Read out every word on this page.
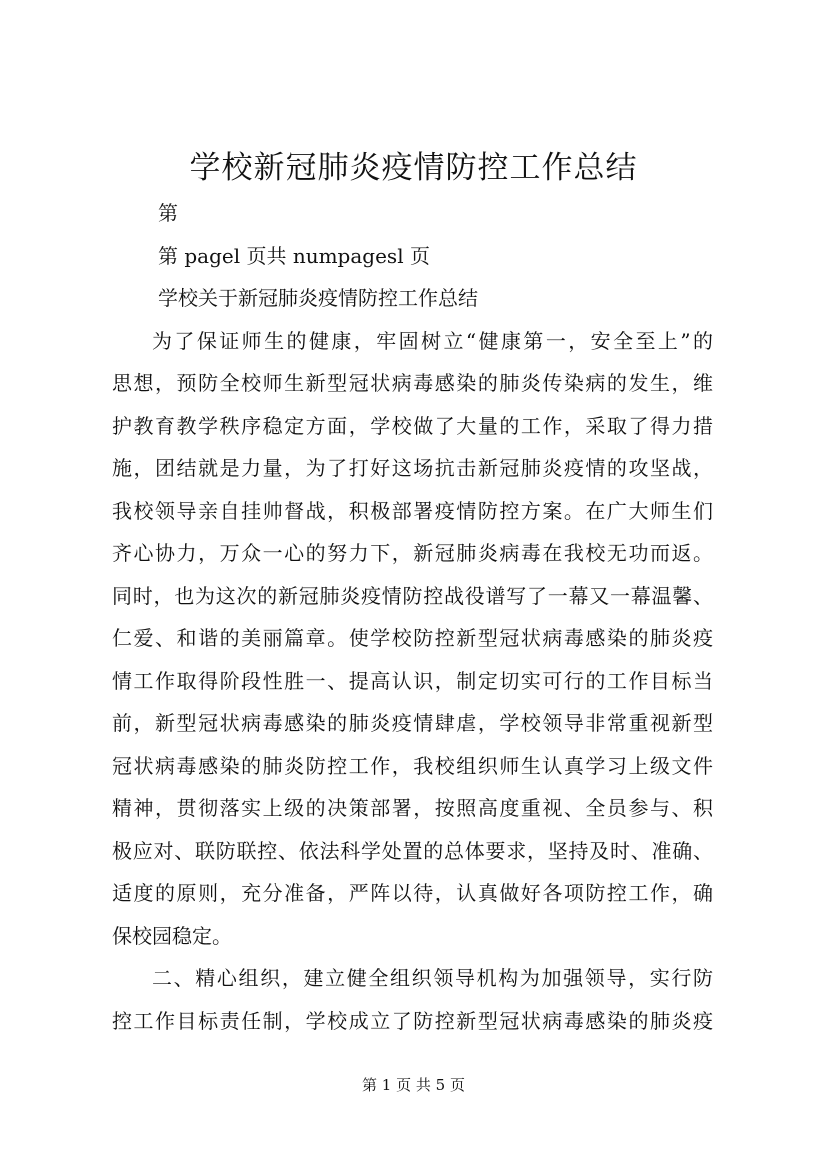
学校新冠肺炎疫情防控工作总结
第
第 pagel 页共 numpagesl 页
学校关于新冠肺炎疫情防控工作总结
为了保证师生的健康，牢固树立“健康第一，安全至上”的
思想，预防全校师生新型冠状病毒感染的肺炎传染病的发生，维
护教育教学秩序稳定方面，学校做了大量的工作，采取了得力措
施，团结就是力量，为了打好这场抗击新冠肺炎疫情的攻坚战，
我校领导亲自挂帅督战，积极部署疫情防控方案。在广大师生们
齐心协力，万众一心的努力下，新冠肺炎病毒在我校无功而返。
同时，也为这次的新冠肺炎疫情防控战役谱写了一幕又一幕温馨、
仁爱、和谐的美丽篇章。使学校防控新型冠状病毒感染的肺炎疫
情工作取得阶段性胜一、提高认识，制定切实可行的工作目标当
前，新型冠状病毒感染的肺炎疫情肆虐，学校领导非常重视新型
冠状病毒感染的肺炎防控工作，我校组织师生认真学习上级文件
精神，贯彻落实上级的决策部署，按照高度重视、全员参与、积
极应对、联防联控、依法科学处置的总体要求，坚持及时、准确、
适度的原则，充分准备，严阵以待，认真做好各项防控工作，确
保校园稳定。
二、精心组织，建立健全组织领导机构为加强领导，实行防
控工作目标责任制，学校成立了防控新型冠状病毒感染的肺炎疫
第 1 页 共 5 页
